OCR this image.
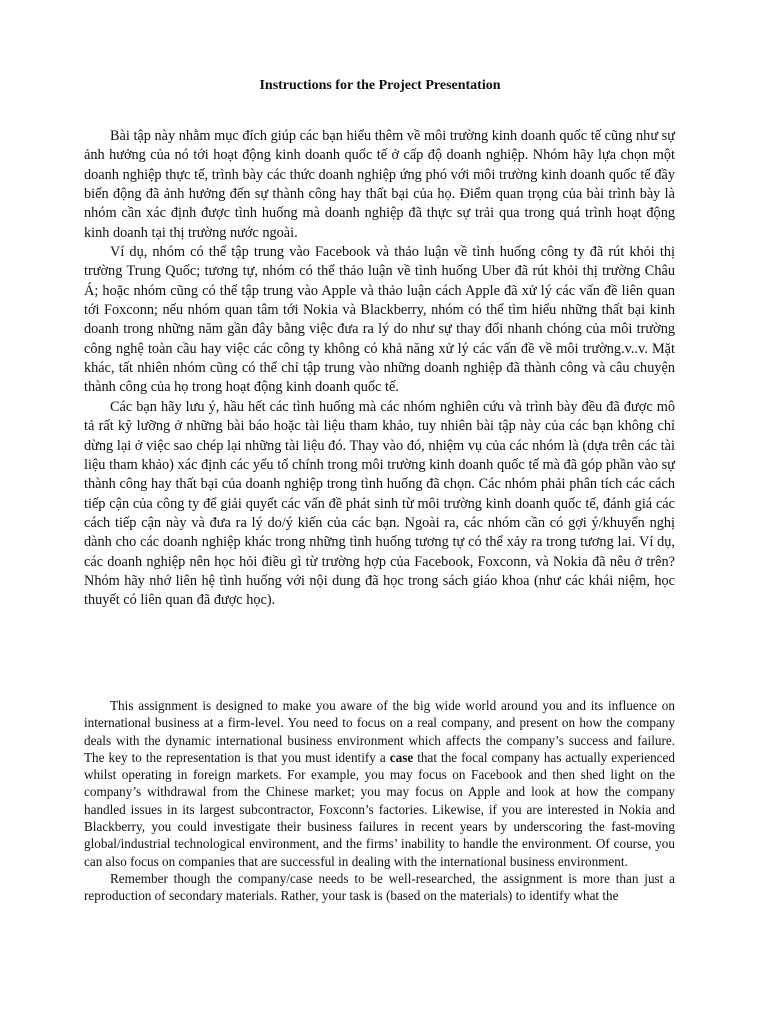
Instructions for the Project Presentation

Bài tập này nhằm mục đích giúp các bạn hiểu thêm về môi trường kinh doanh quốc tế cũng như sự ảnh hưởng của nó tới hoạt động kinh doanh quốc tế ở cấp độ doanh nghiệp. Nhóm hãy lựa chọn một doanh nghiệp thực tế, trình bày các thức doanh nghiệp ứng phó với môi trường kinh doanh quốc tế đầy biến động đã ảnh hưởng đến sự thành công hay thất bại của họ. Điểm quan trọng của bài trình bày là nhóm cần xác định được tình huống mà doanh nghiệp đã thực sự trải qua trong quá trình hoạt động kinh doanh tại thị trường nước ngoài.

Ví dụ, nhóm có thể tập trung vào Facebook và thảo luận về tình huống công ty đã rút khỏi thị trường Trung Quốc; tương tự, nhóm có thể thảo luận về tình huống Uber đã rút khỏi thị trường Châu Á; hoặc nhóm cũng có thể tập trung vào Apple và thảo luận cách Apple đã xử lý các vấn đề liên quan tới Foxconn; nếu nhóm quan tâm tới Nokia và Blackberry, nhóm có thể tìm hiểu những thất bại kinh doanh trong những năm gần đây bằng việc đưa ra lý do như sự thay đổi nhanh chóng của môi trường công nghệ toàn cầu hay việc các công ty không có khả năng xử lý các vấn đề về môi trường.v..v. Mặt khác, tất nhiên nhóm cũng có thể chỉ tập trung vào những doanh nghiệp đã thành công và câu chuyện thành công của họ trong hoạt động kinh doanh quốc tế.

Các bạn hãy lưu ý, hầu hết các tình huống mà các nhóm nghiên cứu và trình bày đều đã được mô tả rất kỹ lưỡng ở những bài báo hoặc tài liệu tham khảo, tuy nhiên bài tập này của các bạn không chỉ dừng lại ở việc sao chép lại những tài liệu đó. Thay vào đó, nhiệm vụ của các nhóm là (dựa trên các tài liệu tham khảo) xác định các yếu tố chính trong môi trường kinh doanh quốc tế mà đã góp phần vào sự thành công hay thất bại của doanh nghiệp trong tình huống đã chọn. Các nhóm phải phân tích các cách tiếp cận của công ty để giải quyết các vấn đề phát sinh từ môi trường kinh doanh quốc tế, đánh giá các cách tiếp cận này và đưa ra lý do/ý kiến của các bạn. Ngoài ra, các nhóm cần có gợi ý/khuyến nghị dành cho các doanh nghiệp khác trong những tình huống tương tự có thể xảy ra trong tương lai. Ví dụ, các doanh nghiệp nên học hỏi điều gì từ trường hợp của Facebook, Foxconn, và Nokia đã nêu ở trên? Nhóm hãy nhớ liên hệ tình huống với nội dung đã học trong sách giáo khoa (như các khái niệm, học thuyết có liên quan đã được học).

This assignment is designed to make you aware of the big wide world around you and its influence on international business at a firm-level. You need to focus on a real company, and present on how the company deals with the dynamic international business environment which affects the company’s success and failure. The key to the representation is that you must identify a case that the focal company has actually experienced whilst operating in foreign markets. For example, you may focus on Facebook and then shed light on the company’s withdrawal from the Chinese market; you may focus on Apple and look at how the company handled issues in its largest subcontractor, Foxconn’s factories. Likewise, if you are interested in Nokia and Blackberry, you could investigate their business failures in recent years by underscoring the fast-moving global/industrial technological environment, and the firms’ inability to handle the environment. Of course, you can also focus on companies that are successful in dealing with the international business environment.

Remember though the company/case needs to be well-researched, the assignment is more than just a reproduction of secondary materials. Rather, your task is (based on the materials) to identify what the
